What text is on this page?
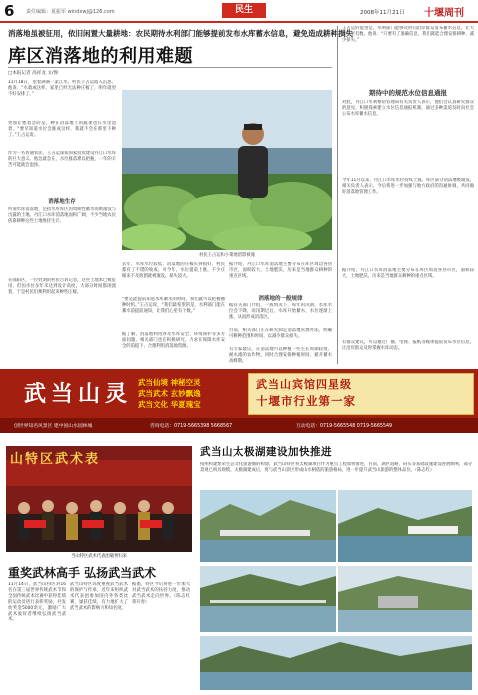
6 责任编辑：夏振军 windxwj@126.com	民生	2008年11月21日 十堰周刊
消落地虽被征用，依旧闲置大量耕地：农民期待水利部门能够提前发布水库蓄水信息，避免造成耕种损失
库区消落地的利用难题
□本报记者 高祥龙 文/图
11月18日，望着满满一渠江水，村民王占运陷入沉思，他说：“水就成这样，家里已经无法种庄稼了，明年就更不好安排了。”
更加让他着急的是，种在消落地上的蔬菜也在水里泡着，“要早知道水位会涨成这样，我就不会在那里下种了。”王占运说。
作为一名普通农民，王占运深知国家投资建设丹江口水库的巨大意义。他急就急在，水位涨落难以把握，一年的辛苦可能就会泡汤。
消落地生存
所谓水库消落地，是指水库库区因周期性蓄水而被淹没与出露的土地。丹江口水库消落地面积广阔，不少当地农民依靠耕种这些土地维持生计。
在郧阳区，一位姓刘的村民告诉记者，这些土地本已被征用，但因水位多年未达到设计高度，大部分时间都闲置着，于是村民们便利用起来种些庄稼。
村民王占运和小菜地留影被淹
去年，水库水位较低，消落地的庄稼长得很好，村民都有了不错的收成。可今年，水位提前上涨，不少庄稼来不及收割就被淹没，损失较大。
“要是能提前知道水库蓄水的时间，我们就可以把握播种时机。”王占运说，“我们最希望的是，水利部门能在蓄水前提前通知，让我们心里有个数。”
据了解，消落地利用涉及水库安全、环境保护等多方面问题，相关部门也在积极研究，力求在保障水库安全的前提下，合理利用消落地资源。
据介绍，丹江口水库消落地主要分布在库区周边各县市区，面积较大，土地肥沃，历来是当地群众耕种的重点区域。
消落地的一般规律
据有关部门介绍，一般情况下，每年的汛期，水库水位会下降，而汛期过后，水库开始蓄水，水位逐渐上涨，从而形成消落区。
目前，相关部门正在研究制定消落地管理办法，明确可耕种范围和时间，以减少群众损失。
有专家建议，在消落地可以种植一些生长周期较短、耐水淹的农作物，同时合理安排种植时间，避开蓄水高峰期。
期待中的规范水位信息通报
王占运的愿望是，水利部门能够及时向沿岸群众发布蓄水信息，让大家心里有数。他说：“只要有了准确信息，我们就能合理安排耕种，减少损失。”
对此，丹江口水利枢纽管理局有关负责人表示，他们会认真研究群众的意见，积极探索建立水位信息通报机制，通过多种渠道及时向社会公布水库蓄水信息。
今年11月以来，丹江口水库水位持续上涨，库区部分消落地被淹没。相关负责人表示，今后将进一步加强与地方政府的沟通协调，共同做好消落地管理工作。
据介绍，丹江口水库消落地主要分布在库区周边各县市区，面积较大，土地肥沃，历来是当地群众耕种的重点区域。
有群众建议，可以通过广播、电视、报纸等媒体提前发布水位信息，让沿岸群众及时掌握水库动态。
武当山灵 武当仙境 神秘空灵
武当武术 玄妙飘逸
武当文化 华夏瑰宝
武当山宾馆四星级
十堰市行业第一家
创世界知名风景区 建中国山水园林城	咨询电话：0719-5665398 5668567	互动电话：0719-5665548 0719-5665549
山特区武术表
当山特区武术代表团载誉归来
重奖武林高手 弘扬武当武术
11月14日，武当山特区对16名在第三届世界传统武术节和全国传统武术比赛中获得佳绩的运动员进行表彰奖励，共发放奖金5000余元，激励广大武术爱好者继续弘扬武当武术。
武当山特区高度重视武当武术的保护与传承，近年来组织武术代表团参加国内外各类比赛，屡获佳绩，有力地扩大了武当武术的影响力和知名度。
据悉，特区今后将进一步加大对武当武术的扶持力度，推动武当武术走向世界。（陈志红 蒋开春）
武当山太极湖建设加快推进
按照构建繁荣生态文化旅游圈的构想，武当山特区将太极湖项目作为重点工程加快推进，目前，湖区道路、码头等基础设施建设进展顺利，部分景观已初具规模。太极湖建成后，将与武当山景区形成山水相依的旅游格局，进一步提升武当山旅游的整体品位。（陈志红）
